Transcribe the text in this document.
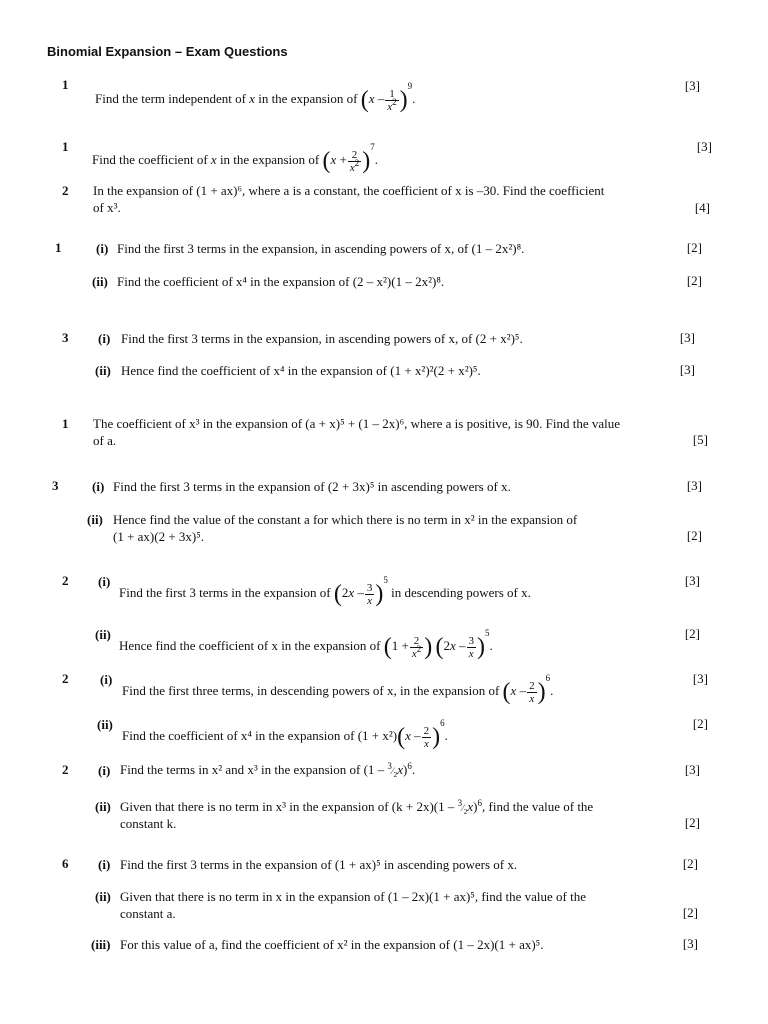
Binomial Expansion – Exam Questions
1
Find the term independent of x in the expansion of $(x - \frac{1}{x^2} )^9$.
[3]
1
Find the coefficient of x in the expansion of $(x + \frac{2}{x^2} )^7$.
[3]
2 In the expansion of (1 + ax)⁶, where a is a constant, the coefficient of x is –30. Find the coefficient
of x³.	[4]
1	(i) Find the first 3 terms in the expansion, in ascending powers of x, of (1 – 2x²)⁸.	[2]
(ii) Find the coefficient of x⁴ in the expansion of (2 – x²)(1 – 2x²)⁸.	[2]
3 (i) Find the first 3 terms in the expansion, in ascending powers of x, of (2 + x²)⁵.	[3]
(ii) Hence find the coefficient of x⁴ in the expansion of (1 + x²)²(2 + x²)⁵.	[3]
1 The coefficient of x³ in the expansion of (a + x)⁵ + (1 – 2x)⁶, where a is positive, is 90. Find the value
of a.	[5]
3	(i) Find the first 3 terms in the expansion of (2 + 3x)⁵ in ascending powers of x.	[3]
(ii) Hence find the value of the constant a for which there is no term in x² in the expansion of
(1 + ax)(2 + 3x)⁵.	[2]
2 (i)
Find the first 3 terms in the expansion of $(2x - \frac{3}{x} )^5$ in descending powers of x.
[3]
(ii)
Hence find the coefficient of x in the expansion of ($1 + \frac{2}{x^2}$ ) $(2x - \frac{3}{x} )^5$.
[2]
2 (i)
Find the first three terms, in descending powers of x, in the expansion of $(x - \frac{2}{x} )^6$.
[3]
(ii)
Find the coefficient of x⁴ in the expansion of $(1 + x^2)(x - \frac{2}{x} )^6$.
[2]
2 (i) Find the terms in x² and x³ in the expansion of $(1 - ^3⁄_2x)^6$.	[3]
(ii) Given that there is no term in x³ in the expansion of $(k + 2x)(1 - ^3⁄_2x)^6$, find the value of the
constant k.	[2]
6 (i) Find the first 3 terms in the expansion of (1 + ax)⁵ in ascending powers of x.	[2]
(ii) Given that there is no term in x in the expansion of (1 – 2x)(1 + ax)⁵, find the value of the
constant a.	[2]
(iii) For this value of a, find the coefficient of x² in the expansion of (1 – 2x)(1 + ax)⁵.	[3]
